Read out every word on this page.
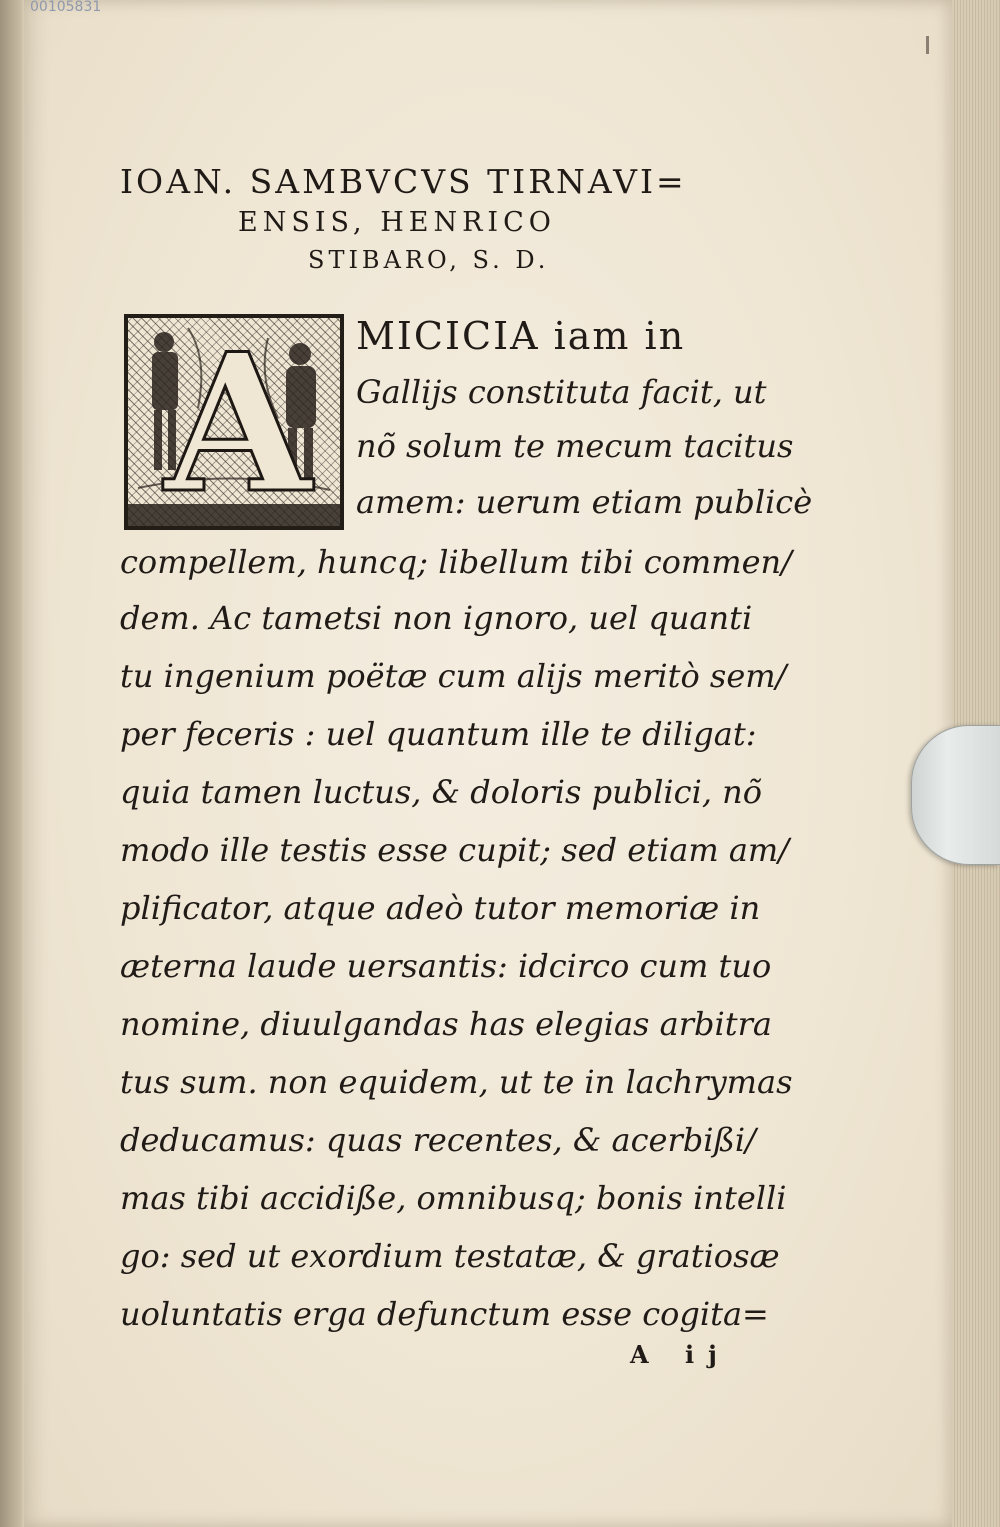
00105831
IOAN. SAMBVCVS TIRNAVI=
ENSIS, HENRICO
STIBARO, S. D.
A MICICIA iam in
Gallijs constituta facit, ut
nõ solum te mecum tacitus
amem: uerum etiam publicè
compellem, huncq; libellum tibi commen/
dem. Ac tametsi non ignoro, uel quanti
tu ingenium poëtæ cum alijs meritò sem/
per feceris : uel quantum ille te diligat:
quia tamen luctus, & doloris publici, nõ
modo ille testis esse cupit; sed etiam am/
plificator, atque adeò tutor memoriæ in
æterna laude uersantis: idcirco cum tuo
nomine, diuulgandas has elegias arbitra
tus sum. non equidem, ut te in lachrymas
deducamus: quas recentes, & acerbißi/
mas tibi accidiße, omnibusq; bonis intelli
go: sed ut exordium testatæ, & gratiosæ
uoluntatis erga defunctum esse cogita=
A ij
